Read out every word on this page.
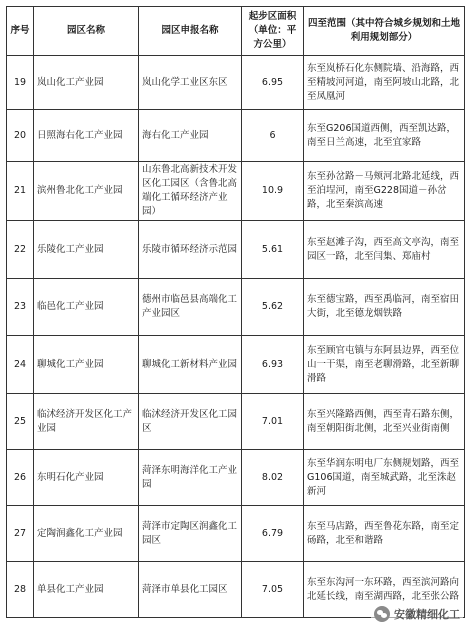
序号	园区名称	园区申报名称	起步区面积（单位：平方公里）	四至范围（其中符合城乡规划和土地利用规划部分）
19	岚山化工产业园	岚山化学工业区东区	6.95	东至岚桥石化东侧院墙、沿海路，西至精坡河河道，南至阿坡山北路，北至凤凰河
20	日照海右化工产业园	海右化工产业园	6	东至G206国道西侧，西至凯达路，南至日兰高速，北至宜家路
21	滨州鲁北化工产业园	山东鲁北高新技术开发区化工园区（含鲁北高端化工循环经济产业园）	10.9	东至孙岔路－马颊河北路北延线，西至泊埕河，南至G228国道－孙岔路，北至秦滨高速
22	乐陵化工产业园	乐陵市循环经济示范园	5.61	东至赵滩子沟，西至高文亭沟，南至园区一路，北至闫集、郑庙村
23	临邑化工产业园	德州市临邑县高端化工产业园区	5.62	东至德宝路，西至禹临河，南至宿田大街，北至德龙烟铁路
24	聊城化工产业园	聊城化工新材料产业园	6.93	东至顾官屯镇与东阿县边界，西至位山一干渠，南至老聊滑路，北至新聊滑路
25	临沭经济开发区化工产业园	临沭经济开发区化工园区	7.01	东至兴隆路西侧，西至青石路东侧，南至朝阳街北侧，北至兴业街南侧
26	东明石化产业园	菏泽东明海洋化工产业园	8.02	东至华润东明电厂东侧规划路，西至G106国道，南至城武路，北至洙赵新河
27	定陶润鑫化工产业园	菏泽市定陶区润鑫化工园区	6.79	东至马店路，西至鲁花东路，南至定砀路，北至和谐路
28	单县化工产业园	菏泽市单县化工园区	7.05	东至东沟河一东环路，西至滨河路向北延长线，南至湖西路，北至张公路
安徽精细化工
